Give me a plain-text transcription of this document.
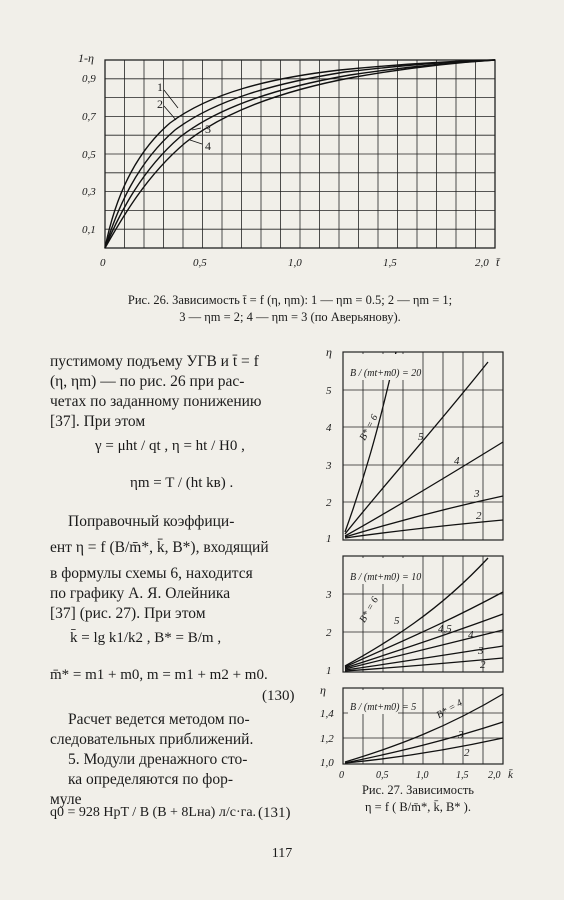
1
2
3
4
1-η
t̄
0,9
0,7
0,5
0,3
0,1
0	0,5	1,0	1,5	2,0
Рис. 26. Зависимость t̄ = f (η, ηm): 1 — ηm = 0.5; 2 — ηm = 1;
3 — ηm = 2; 4 — ηm = 3 (по Аверьянову).
пустимому подъему УГВ и t̄ = f
(η, ηm) — по рис. 26 при рас-
четах по заданному понижению
[37]. При этом
γ = μht / qt , η = ht / H0 ,
ηm = T / (ht kв) .
Поправочный коэффици-
ент η = f (B/m̄*, k̄, B*), входящий
в формулы схемы 6, находится
по графику А. Я. Олейника
[37] (рис. 27). При этом
k̄ = lg k1/k2 , B* = B/m ,
m̄* = m1 + m0, m = m1 + m2 + m0.
(130)
Расчет ведется методом по-
следовательных приближений.
5. Модули дренажного сто-
ка определяются по фор-
муле
q0 = 928 HpT / B (B + 8Lна) л/с·га. (131)
B / (mt+m0) = 20
B* = 6	5
4
3
2
5
4
3
2
1
η
B / (mt+m0) = 10
B* = 6 5
4,5 4
3
2
3
2
1
B / (mt+m0) = 5 B* = 4
3
2
1,4
1,2
1,0
η
0	0,5	1,0	1,5 2,0 k̄
Рис. 27. Зависимость
η = f ( B/m̄*, k̄, B* ).
117
